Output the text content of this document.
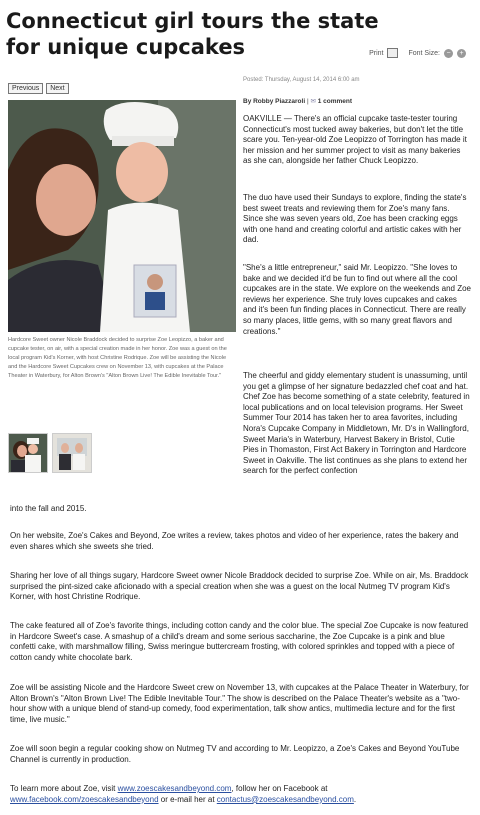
Connecticut girl tours the state for unique cupcakes	Print	Font Size: −	+
Previous	Next
Hardcore Sweet owner Nicole Braddock decided to surprise Zoe Leopizzo, a baker and cupcake tester, on air, with a special creation made in her honor. Zoe was a guest on the local program Kid's Korner, with host Christine Rodrique. Zoe will be assisting the Nicole and the Hardcore Sweet Cupcakes crew on November 13, with cupcakes at the Palace Theater in Waterbury, for Alton Brown's "Alton Brown Live! The Edible Inevitable Tour."
Posted: Thursday, August 14, 2014 6:00 am
By Robby Piazzaroli | ✉ 1 comment

OAKVILLE — There's an official cupcake taste-tester touring Connecticut's most tucked away bakeries, but don't let the title scare you. Ten-year-old Zoe Leopizzo of Torrington has made it her mission and her summer project to visit as many bakeries as she can, alongside her father Chuck Leopizzo.

The duo have used their Sundays to explore, finding the state's best sweet treats and reviewing them for Zoe's many fans. Since she was seven years old, Zoe has been cracking eggs with one hand and creating colorful and artistic cakes with her dad.

"She's a little entrepreneur," said Mr. Leopizzo. "She loves to bake and we decided it'd be fun to find out where all the cool cupcakes are in the state. We explore on the weekends and Zoe reviews her experience. She truly loves cupcakes and cakes and it's been fun finding places in Connecticut. There are really so many places, little gems, with so many great flavors and creations."

The cheerful and giddy elementary student is unassuming, until you get a glimpse of her signature bedazzled chef coat and hat. Chef Zoe has become something of a state celebrity, featured in local publications and on local television programs. Her Sweet Summer Tour 2014 has taken her to area favorites, including Nora's Cupcake Company in Middletown, Mr. D's in Wallingford, Sweet Maria's in Waterbury, Harvest Bakery in Bristol, Cutie Pies in Thomaston, First Act Bakery in Torrington and Hardcore Sweet in Oakville. The list continues as she plans to extend her search for the perfect confection

into the fall and 2015.

On her website, Zoe's Cakes and Beyond, Zoe writes a review, takes photos and video of her experience, rates the bakery and even shares which she sweets she tried.

Sharing her love of all things sugary, Hardcore Sweet owner Nicole Braddock decided to surprise Zoe. While on air, Ms. Braddock surprised the pint-sized cake aficionado with a special creation when she was a guest on the local Nutmeg TV program Kid's Korner, with host Christine Rodrique.

The cake featured all of Zoe's favorite things, including cotton candy and the color blue. The special Zoe Cupcake is now featured in Hardcore Sweet's case. A smashup of a child's dream and some serious saccharine, the Zoe Cupcake is a pink and blue confetti cake, with marshmallow filling, Swiss meringue buttercream frosting, with colored sprinkles and topped with a piece of cotton candy white chocolate bark.

Zoe will be assisting Nicole and the Hardcore Sweet crew on November 13, with cupcakes at the Palace Theater in Waterbury, for Alton Brown's "Alton Brown Live! The Edible Inevitable Tour." The show is described on the Palace Theater's website as a "two-hour show with a unique blend of stand-up comedy, food experimentation, talk show antics, multimedia lecture and for the first time, live music."

Zoe will soon begin a regular cooking show on Nutmeg TV and according to Mr. Leopizzo, a Zoe's Cakes and Beyond YouTube Channel is currently in production.

To learn more about Zoe, visit www.zoescakesandbeyond.com, follow her on Facebook at www.facebook.com/zoescakesandbeyond or e-mail her at contactus@zoescakesandbeyond.com.
